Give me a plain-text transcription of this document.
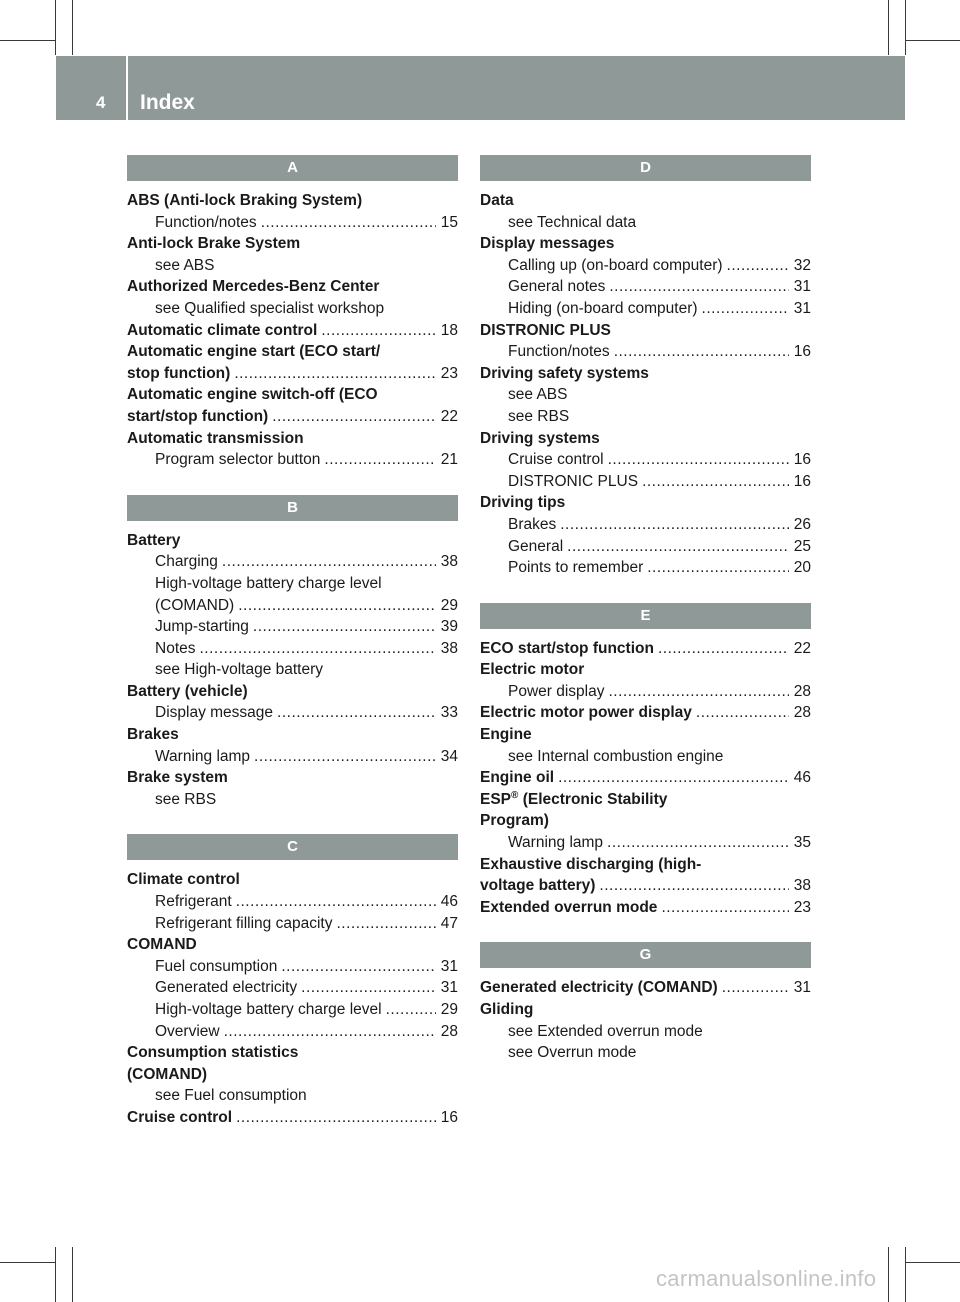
4 Index
A
ABS (Anti-lock Braking System)
Function/notes .....	15
Anti-lock Brake System
see ABS
Authorized Mercedes-Benz Center
see Qualified specialist workshop
Automatic climate control .....	18
Automatic engine start (ECO start/
stop function) .....	23
Automatic engine switch-off (ECO
start/stop function) .....	22
Automatic transmission
Program selector button .....	21
B
Battery
Charging .....	38
High-voltage battery charge level
(COMAND) .....	29
Jump-starting .....	39
Notes .....	38
see High-voltage battery
Battery (vehicle)
Display message .....	33
Brakes
Warning lamp .....	34
Brake system
see RBS
C
Climate control
Refrigerant .....	46
Refrigerant filling capacity .....	47
COMAND
Fuel consumption .....	31
Generated electricity .....	31
High-voltage battery charge level .....	29
Overview .....	28
Consumption statistics
(COMAND)
see Fuel consumption
Cruise control .....	16
D
Data
see Technical data
Display messages
Calling up (on-board computer) .....	32
General notes .....	31
Hiding (on-board computer) .....	31
DISTRONIC PLUS
Function/notes .....	16
Driving safety systems
see ABS
see RBS
Driving systems
Cruise control .....	16
DISTRONIC PLUS .....	16
Driving tips
Brakes .....	26
General .....	25
Points to remember .....	20
E
ECO start/stop function .....	22
Electric motor
Power display .....	28
Electric motor power display .....	28
Engine
see Internal combustion engine
Engine oil .....	46
ESP® (Electronic Stability
Program)
Warning lamp .....	35
Exhaustive discharging (high-
voltage battery) .....	38
Extended overrun mode .....	23
G
Generated electricity (COMAND) .....	31
Gliding
see Extended overrun mode
see Overrun mode
carmanualsonline.info
